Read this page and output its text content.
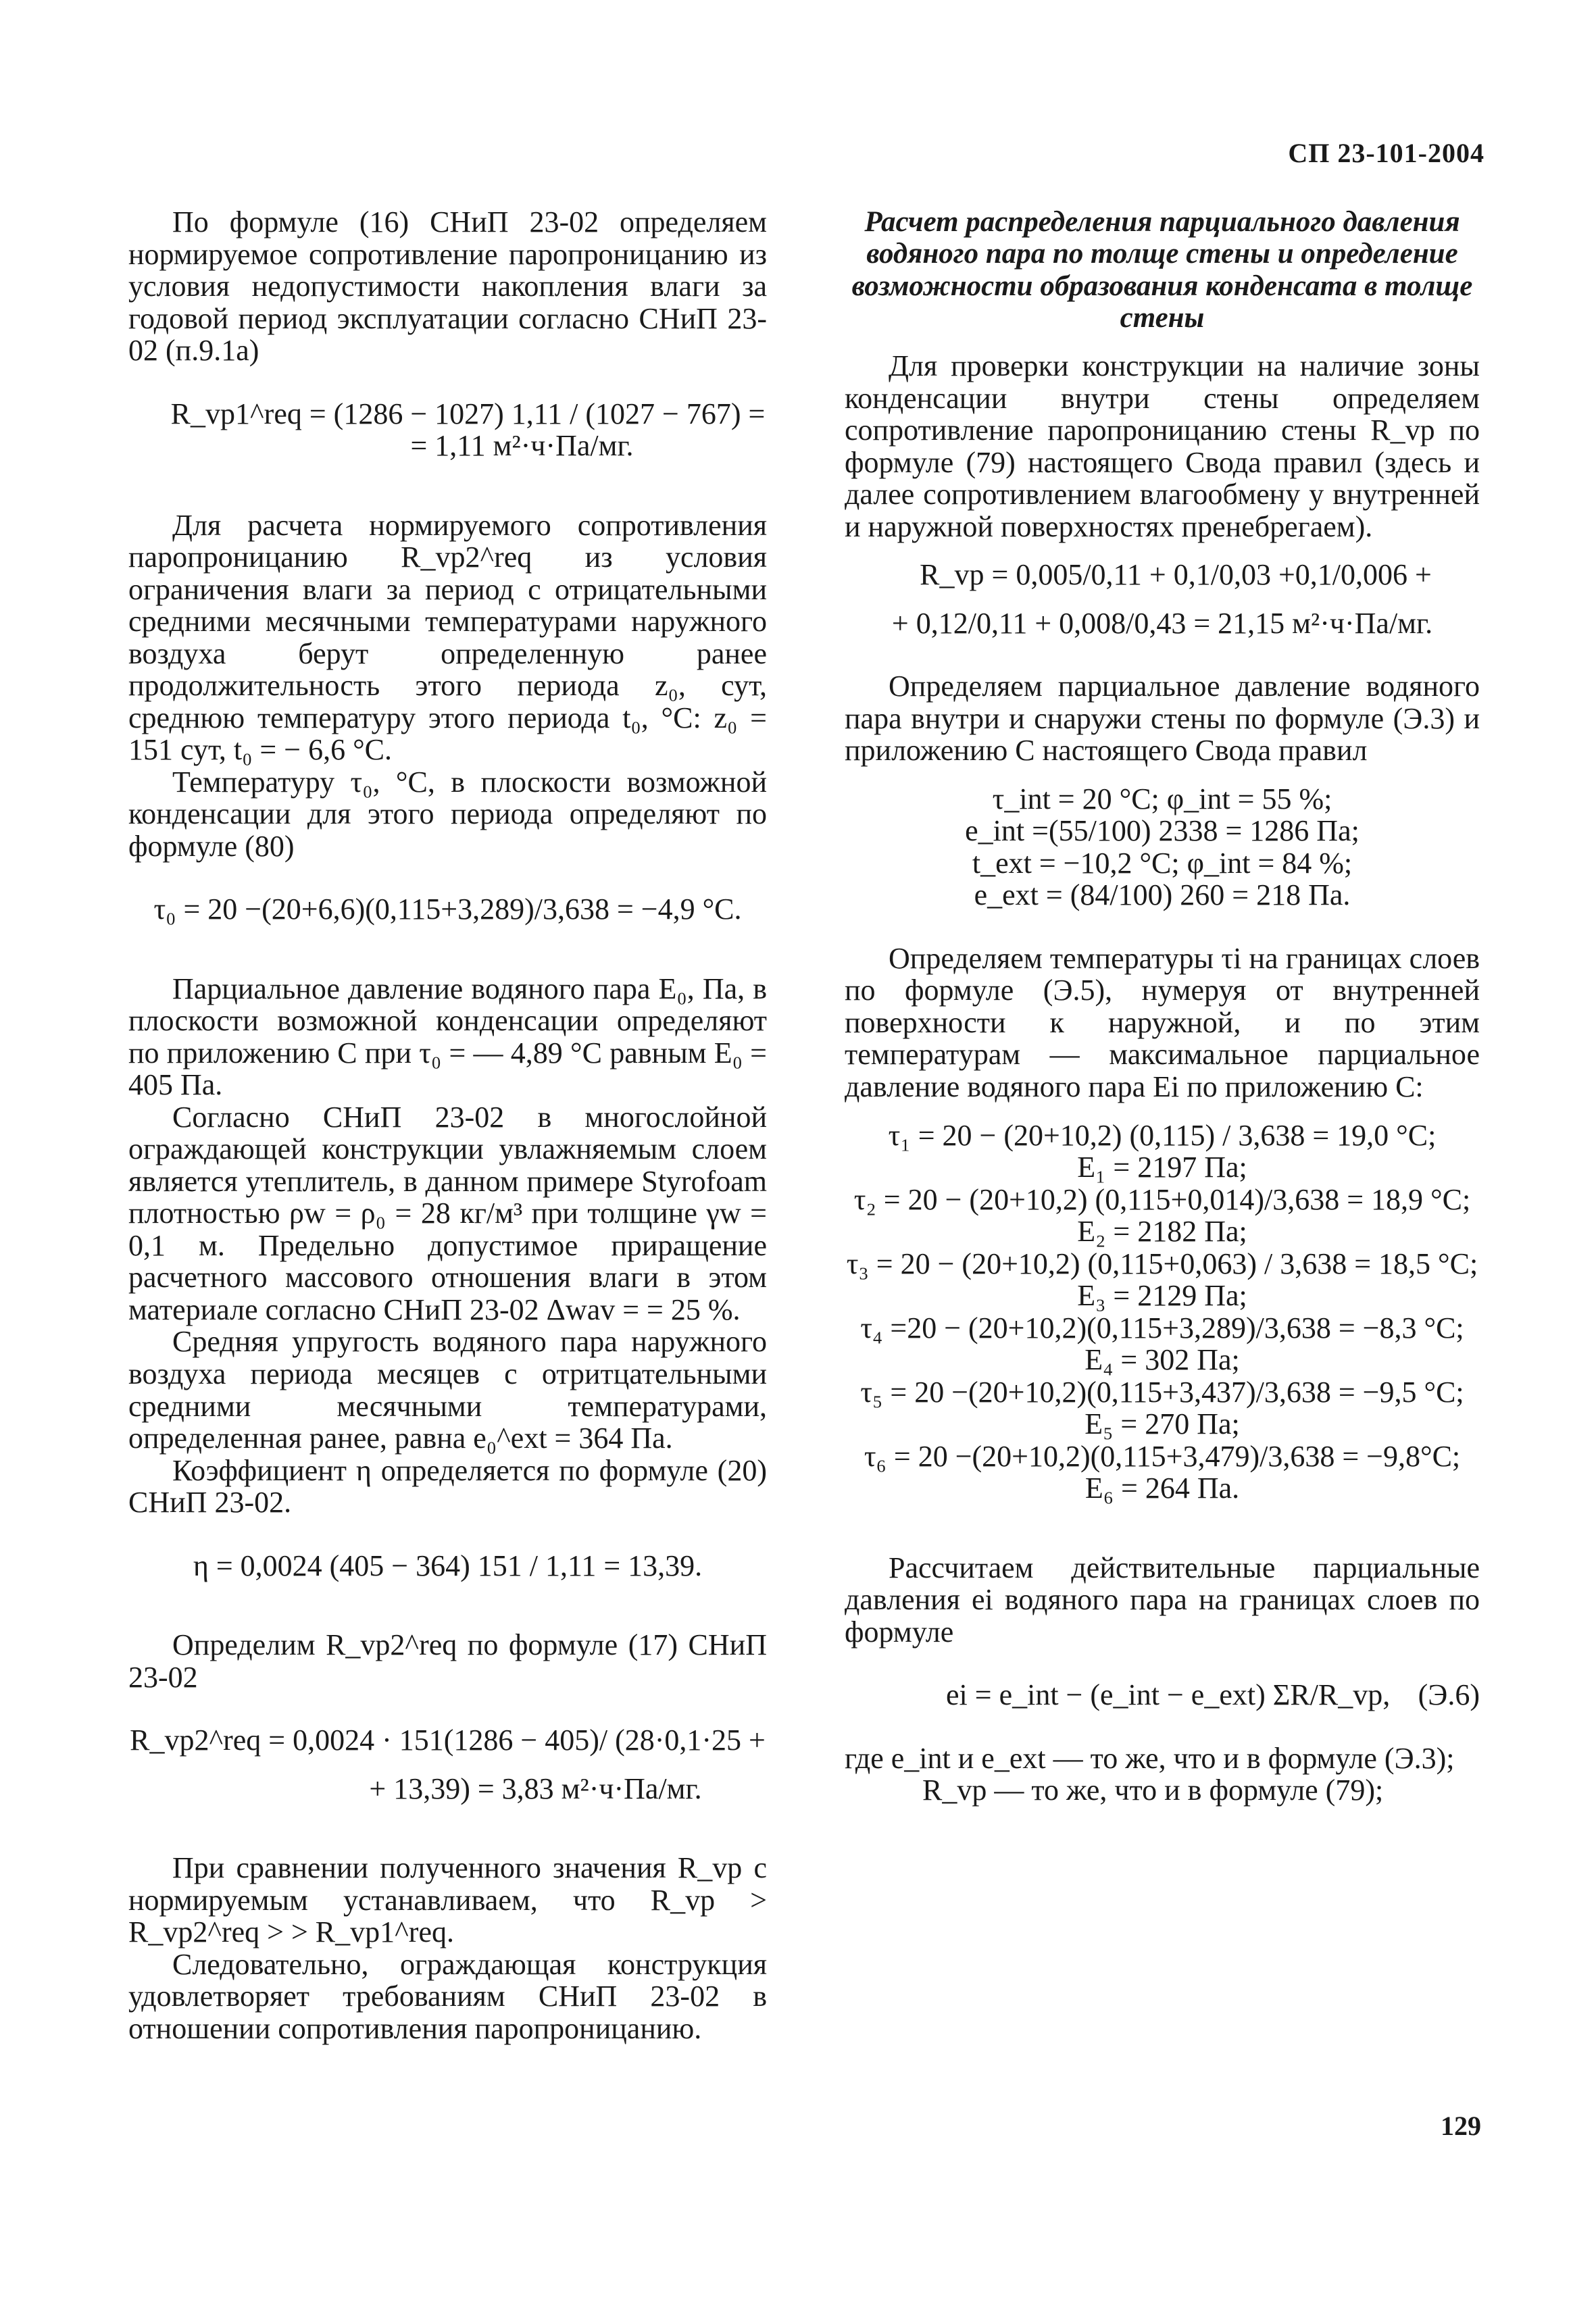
СП 23-101-2004

По формуле (16) СНиП 23-02 определяем нормируемое сопротивление паропроницанию из условия недопустимости накопления влаги за годовой период эксплуатации согласно СНиП 23-02 (п.9.1а)

R_vp1^req = (1286 − 1027) 1,11 / (1027 − 767) =

= 1,11 м²·ч·Па/мг.

Для расчета нормируемого сопротивления паропроницанию R_vp2^req из условия ограничения влаги за период с отрицательными средними месячными температурами наружного воздуха берут определенную ранее продолжительность этого периода z₀, сут, среднюю температуру этого периода t₀, °С: z₀ = 151 сут, t₀ = − 6,6 °С.

Температуру τ₀, °С, в плоскости возможной конденсации для этого периода определяют по формуле (80)

τ₀ = 20 −(20+6,6)(0,115+3,289)/3,638 = −4,9 °С.

Парциальное давление водяного пара E₀, Па, в плоскости возможной конденсации определяют по приложению С при τ₀ = — 4,89 °С равным E₀ = 405 Па.

Согласно СНиП 23-02 в многослойной ограждающей конструкции увлажняемым слоем является утеплитель, в данном примере Styrofoam плотностью ρw = ρ₀ = 28 кг/м³ при толщине γw = 0,1 м. Предельно допустимое приращение расчетного массового отношения влаги в этом материале согласно СНиП 23-02 Δwav = = 25 %.

Средняя упругость водяного пара наружного воздуха периода месяцев с отритцательными средними месячными температурами, определенная ранее, равна e₀^ext = 364 Па.

Коэффициент η определяется по формуле (20) СНиП 23-02.

η = 0,0024 (405 − 364) 151 / 1,11 = 13,39.

Определим R_vp2^req по формуле (17) СНиП 23-02

R_vp2^req = 0,0024 · 151(1286 − 405)/ (28·0,1·25 +

+ 13,39) = 3,83 м²·ч·Па/мг.

При сравнении полученного значения R_vp с нормируемым устанавливаем, что R_vp > R_vp2^req > > R_vp1^req.

Следовательно, ограждающая конструкция удовлетворяет требованиям СНиП 23-02 в отношении сопротивления паропроницанию.

Расчет распределения парциального давления водяного пара по толще стены и определение возможности образования конденсата в толще стены

Для проверки конструкции на наличие зоны конденсации внутри стены определяем сопротивление паропроницанию стены R_vp по формуле (79) настоящего Свода правил (здесь и далее сопротивлением влагообмену у внутренней и наружной поверхностях пренебрегаем).

R_vp = 0,005/0,11 + 0,1/0,03 +0,1/0,006 +

+ 0,12/0,11 + 0,008/0,43 = 21,15 м²·ч·Па/мг.

Определяем парциальное давление водяного пара внутри и снаружи стены по формуле (Э.3) и приложению С настоящего Свода правил

τ_int = 20 °С; φ_int = 55 %;

e_int =(55/100) 2338 = 1286 Па;

t_ext = −10,2 °С; φ_int = 84 %;

e_ext = (84/100) 260 = 218 Па.

Определяем температуры τi на границах слоев по формуле (Э.5), нумеруя от внутренней поверхности к наружной, и по этим температурам — максимальное парциальное давление водяного пара Ei по приложению С:

τ₁ = 20 − (20+10,2) (0,115) / 3,638 = 19,0 °С;

E₁ = 2197 Па;

τ₂ = 20 − (20+10,2) (0,115+0,014)/3,638 = 18,9 °С;

E₂ = 2182 Па;

τ₃ = 20 − (20+10,2) (0,115+0,063) / 3,638 = 18,5 °С;

E₃ = 2129 Па;

τ₄ =20 − (20+10,2)(0,115+3,289)/3,638 = −8,3 °С;

E₄ = 302 Па;

τ₅ = 20 −(20+10,2)(0,115+3,437)/3,638 = −9,5 °С;

E₅ = 270 Па;

τ₆ = 20 −(20+10,2)(0,115+3,479)/3,638 = −9,8°С;

E₆ = 264 Па.

Рассчитаем действительные парциальные давления ei водяного пара на границах слоев по формуле

ei = e_int − (e_int − e_ext) ΣR/R_vp, (Э.6)

где e_int и e_ext — то же, что и в формуле (Э.3);

R_vp — то же, что и в формуле (79);

129
